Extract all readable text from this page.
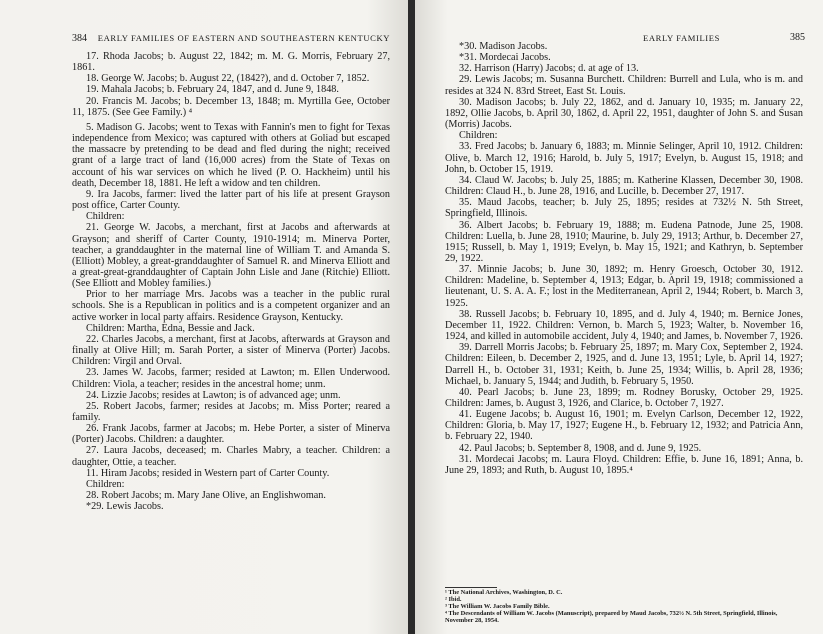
384 EARLY FAMILIES OF EASTERN AND SOUTHEASTERN KENTUCKY

17. Rhoda Jacobs; b. August 22, 1842; m. M. G. Morris, February 27, 1861.

18. George W. Jacobs; b. August 22, (1842?), and d. October 7, 1852.

19. Mahala Jacobs; b. February 24, 1847, and d. June 9, 1848.

20. Francis M. Jacobs; b. December 13, 1848; m. Myrtilla Gee, October 11, 1875. (See Gee Family.) ⁴

5. Madison G. Jacobs; went to Texas with Fannin's men to fight for Texas independence from Mexico; was captured with others at Goliad but escaped the massacre by pretending to be dead and fled during the night; received grant of a large tract of land (16,000 acres) from the State of Texas on account of his war services on which he lived (P. O. Hackheim) until his death, December 18, 1881. He left a widow and ten children.

9. Ira Jacobs, farmer: lived the latter part of his life at present Grayson post office, Carter County.

Children:

21. George W. Jacobs, a merchant, first at Jacobs and afterwards at Grayson; and sheriff of Carter County, 1910-1914; m. Minerva Porter, teacher, a granddaughter in the maternal line of William T. and Amanda S. (Elliott) Mobley, a great-granddaughter of Samuel R. and Minerva Elliott and a great-great-granddaughter of Captain John Lisle and Jane (Ritchie) Elliott. (See Elliott and Mobley families.)

Prior to her marriage Mrs. Jacobs was a teacher in the public rural schools. She is a Republican in politics and is a competent organizer and an active worker in local party affairs. Residence Grayson, Kentucky.

Children: Martha, Edna, Bessie and Jack.

22. Charles Jacobs, a merchant, first at Jacobs, afterwards at Grayson and finally at Olive Hill; m. Sarah Porter, a sister of Minerva (Porter) Jacobs. Children: Virgil and Orval.

23. James W. Jacobs, farmer; resided at Lawton; m. Ellen Underwood. Children: Viola, a teacher; resides in the ancestral home; unm.

24. Lizzie Jacobs; resides at Lawton; is of advanced age; unm.

25. Robert Jacobs, farmer; resides at Jacobs; m. Miss Porter; reared a family.

26. Frank Jacobs, farmer at Jacobs; m. Hebe Porter, a sister of Minerva (Porter) Jacobs. Children: a daughter.

27. Laura Jacobs, deceased; m. Charles Mabry, a teacher. Children: a daughter, Ottie, a teacher.

11. Hiram Jacobs; resided in Western part of Carter County.

Children:

28. Robert Jacobs; m. Mary Jane Olive, an Englishwoman.

*29. Lewis Jacobs.

EARLY FAMILIES	385

*30. Madison Jacobs.

*31. Mordecai Jacobs.

32. Harrison (Harry) Jacobs; d. at age of 13.

29. Lewis Jacobs; m. Susanna Burchett. Children: Burrell and Lula, who is m. and resides at 324 N. 83rd Street, East St. Louis.

30. Madison Jacobs; b. July 22, 1862, and d. January 10, 1935; m. January 22, 1892, Ollie Jacobs, b. April 30, 1862, d. April 22, 1951, daughter of John S. and Susan (Morris) Jacobs.

Children:

33. Fred Jacobs; b. January 6, 1883; m. Minnie Selinger, April 10, 1912. Children: Olive, b. March 12, 1916; Harold, b. July 5, 1917; Evelyn, b. August 15, 1918; and John, b. October 15, 1919.

34. Claud W. Jacobs; b. July 25, 1885; m. Katherine Klassen, December 30, 1908. Children: Claud H., b. June 28, 1916, and Lucille, b. December 27, 1917.

35. Maud Jacobs, teacher; b. July 25, 1895; resides at 732½ N. 5th Street, Springfield, Illinois.

36. Albert Jacobs; b. February 19, 1888; m. Eudena Patnode, June 25, 1908. Children: Luella, b. June 28, 1910; Maurine, b. July 29, 1913; Arthur, b. December 27, 1915; Russell, b. May 1, 1919; Evelyn, b. May 15, 1921; and Kathryn, b. September 29, 1922.

37. Minnie Jacobs; b. June 30, 1892; m. Henry Groesch, October 30, 1912. Children: Madeline, b. September 4, 1913; Edgar, b. April 19, 1918; commissioned a lieutenant, U. S. A. A. F.; lost in the Mediterranean, April 2, 1944; Robert, b. March 3, 1925.

38. Russell Jacobs; b. February 10, 1895, and d. July 4, 1940; m. Bernice Jones, December 11, 1922. Children: Vernon, b. March 5, 1923; Walter, b. November 16, 1924, and killed in automobile accident, July 4, 1940; and James, b. November 7, 1926.

39. Darrell Morris Jacobs; b. February 25, 1897; m. Mary Cox, September 2, 1924. Children: Eileen, b. December 2, 1925, and d. June 13, 1951; Lyle, b. April 14, 1927; Darrell H., b. October 31, 1931; Keith, b. June 25, 1934; Willis, b. April 28, 1936; Michael, b. January 5, 1944; and Judith, b. February 5, 1950.

40. Pearl Jacobs; b. June 23, 1899; m. Rodney Borusky, October 29, 1925. Children: James, b. August 3, 1926, and Clarice, b. October 7, 1927.

41. Eugene Jacobs; b. August 16, 1901; m. Evelyn Carlson, December 12, 1922, Children: Gloria, b. May 17, 1927; Eugene H., b. February 12, 1932; and Patricia Ann, b. February 22, 1940.

42. Paul Jacobs; b. September 8, 1908, and d. June 9, 1925.

31. Mordecai Jacobs; m. Laura Floyd. Children: Effie, b. June 16, 1891; Anna, b. June 29, 1893; and Ruth, b. August 10, 1895.⁴

¹ The National Archives, Washington, D. C.
² Ibid.
³ The William W. Jacobs Family Bible.
⁴ The Descendants of William W. Jacobs (Manuscript), prepared by Maud Jacobs, 732½ N. 5th Street, Springfield, Illinois, November 28, 1954.
